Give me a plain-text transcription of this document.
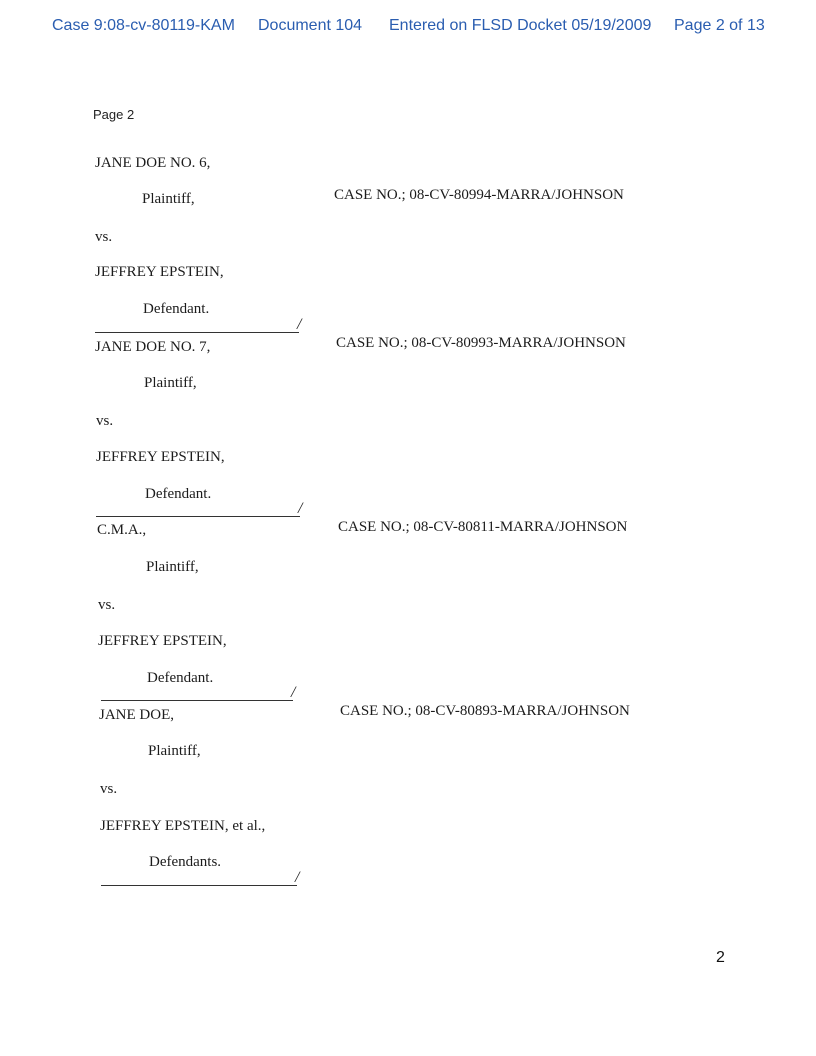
Case 9:08-cv-80119-KAM Document 104 Entered on FLSD Docket 05/19/2009 Page 2 of 13
Page 2
JANE DOE NO. 6,
Plaintiff,	CASE NO.; 08-CV-80994-MARRA/JOHNSON
vs.
JEFFREY EPSTEIN,
Defendant.
/
JANE DOE NO. 7,
Plaintiff,
CASE NO.; 08-CV-80993-MARRA/JOHNSON
vs.
JEFFREY EPSTEIN,
Defendant.
/
C.M.A.,
Plaintiff,
CASE NO.; 08-CV-80811-MARRA/JOHNSON
vs.
JEFFREY EPSTEIN,
Defendant.
/
JANE DOE,
Plaintiff,
CASE NO.; 08-CV-80893-MARRA/JOHNSON
vs.
JEFFREY EPSTEIN, et al.,
Defendants.
/
2
